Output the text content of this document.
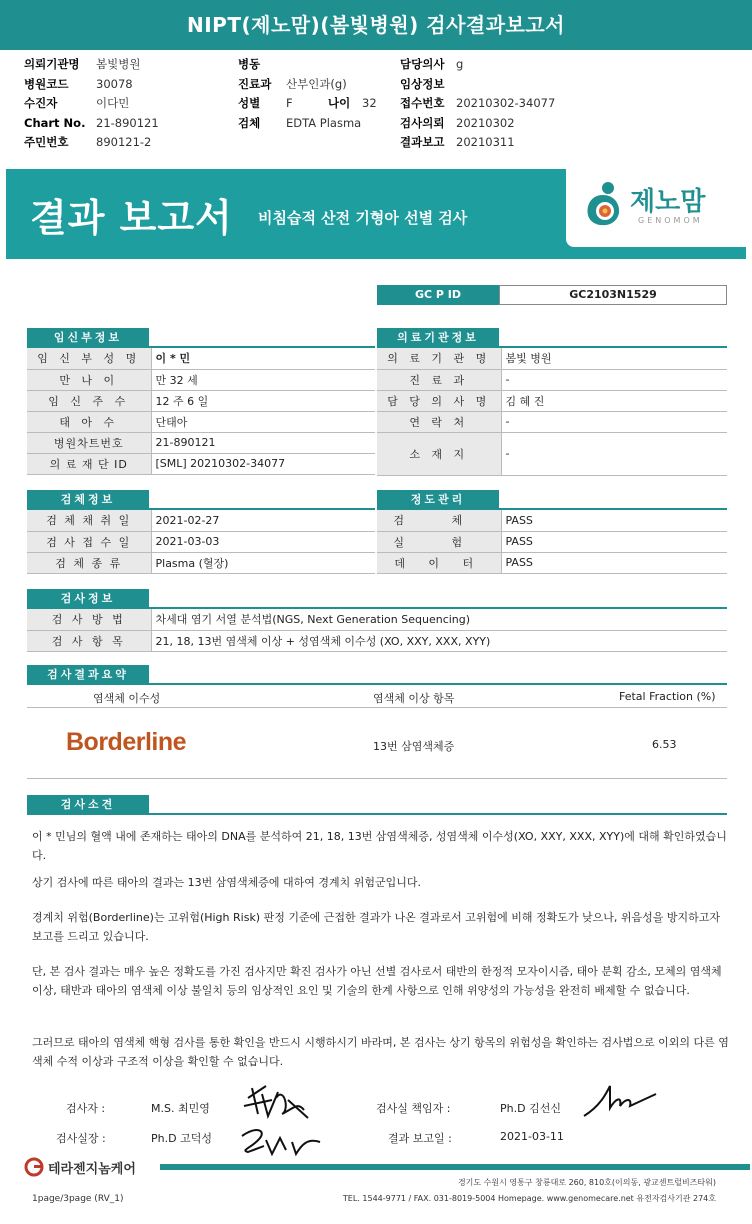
NIPT(제노맘)(봄빛병원) 검사결과보고서
의뢰기관명 봄빛병원
병원코드 30078
수진자	이다민
Chart No. 21-890121
주민번호 890121-2
병동
진료과 산부인과(g)
성별 F	나이 32
검체 EDTA Plasma
담당의사 g
임상정보
접수번호 20210302-34077
검사의뢰 20210302
결과보고 20210311
결과 보고서 비침습적 산전 기형아 선별 검사
제노맘
GENOMOM
GC P ID	GC2103N1529
임신부정보
임 신 부 성 명	이 * 민
만 나 이	만 32 세
임 신 주 수	12 주 6 일
태 아 수	단태아
병원차트번호	21-890121
의 료 재 단 ID	[SML] 20210302-34077
의료기관정보
의 료 기 관 명	봄빛 병원
진 료 과	-
담 당 의 사 명	김 혜 진
연 락 처	-
소 재 지	-
검체정보
검 체 채 취 일	2021-02-27
검 사 접 수 일	2021-03-03
검 체 종 류	Plasma (혈장)
정도관리
검 체	PASS
실 험	PASS
데 이 터	PASS
검사정보
검 사 방 법	차세대 염기 서열 분석법(NGS, Next Generation Sequencing)
검 사 항 목	21, 18, 13번 염색체 이상 + 성염색체 이수성 (XO, XXY, XXX, XYY)
검사결과요약
염색체 이수성	염색체 이상 항목	Fetal Fraction (%)
Borderline	13번 삼염색체증	6.53
검사소견
이 * 민님의 혈액 내에 존재하는 태아의 DNA를 분석하여 21, 18, 13번 삼염색체증, 성염색체 이수성(XO, XXY, XXX, XYY)에 대해 확인하였습니다.
상기 검사에 따른 태아의 결과는 13번 삼염색체증에 대하여 경계치 위험군입니다.
경계치 위험(Borderline)는 고위험(High Risk) 판정 기준에 근접한 결과가 나온 결과로서 고위험에 비해 정확도가 낮으나, 위음성을 방지하고자 보고를 드리고 있습니다.
단, 본 검사 결과는 매우 높은 정확도를 가진 검사지만 확진 검사가 아닌 선별 검사로서 태반의 한정적 모자이시즘, 태아 분획 감소, 모체의 염색체 이상, 태반과 태아의 염색체 이상 불일치 등의 임상적인 요인 및 기술의 한계 사항으로 인해 위양성의 가능성을 완전히 배제할 수 없습니다.
그러므로 태아의 염색체 핵형 검사를 통한 확인을 반드시 시행하시기 바라며, 본 검사는 상기 항목의 위험성을 확인하는 검사법으로 이외의 다른 염색체 수적 이상과 구조적 이상을 확인할 수 없습니다.
검사자 :	M.S. 최민영	검사실 책임자 :	Ph.D 김선신
검사실장 :	Ph.D 고덕성	결과 보고일 :	2021-03-11
테라젠지놈케어
경기도 수원시 영통구 창룡대로 260, 810호(이의동, 광교센트럴비즈타워)
TEL. 1544-9771 / FAX. 031-8019-5004 Homepage. www.genomecare.net 유전자검사기관 274호
1page/3page (RV_1)
